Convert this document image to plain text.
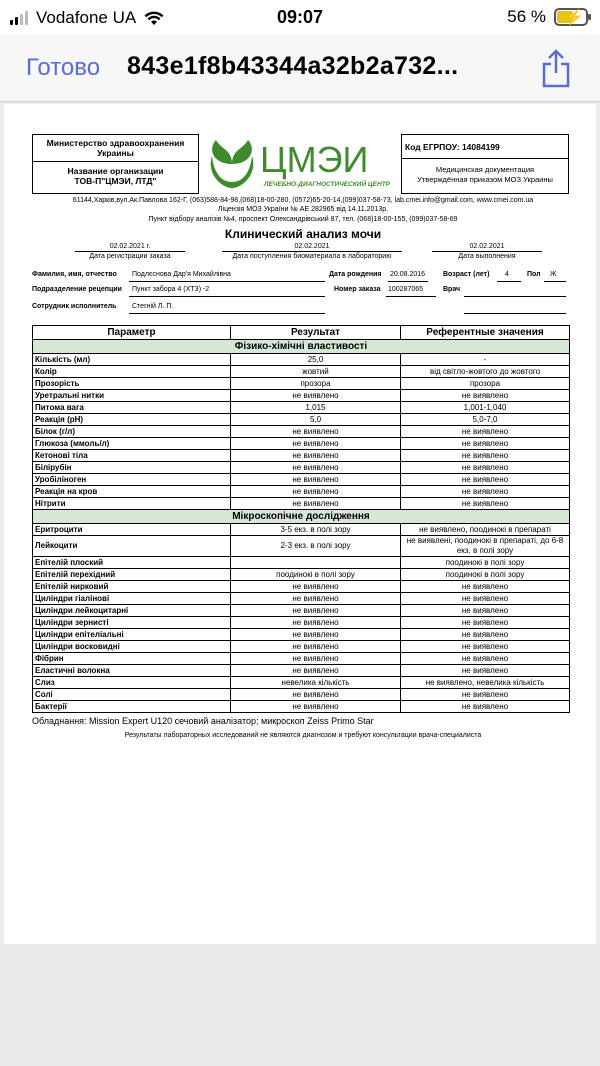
Vodafone UA	09:07	56 % ⚡
Готово 843e1f8b43344a32b2a732...
Министерство здравоохранения Украины
Название организации
ТОВ-П"ЦМЭИ, ЛТД"
ЦМЭИ
ЛЕЧЕБНО-ДИАГНОСТИЧЕСКИЙ ЦЕНТР
Код ЕГРПОУ: 14084199
Медицинская документация
Утверждённая приказом МОЗ Украины
61144,Харків,вул.Ак.Павлова 162-Г, (063)588-84-98,(068)18-00-280, (0572)65-20-14,(099)037-58-73, lab.cmei.info@gmail.com, www.cmei.com.ua
Ліцензія МОЗ України № АЕ 282965 від 14.11.2013р.
Пункт відбору аналізів №4, проспект Олександрівський 87, тел. (068)18-00-155, (099)037-58-69
Клинический анализ мочи
02.02.2021 г.
Дата регистрации заказа
02.02.2021
Дата поступления биоматериала в лабораторию
02.02.2021
Дата выполнения
Фамилия, имя, отчество Подлєснова Дар'я Михайлівна	Дата рождения 20.08.2016	Возраст (лет) 4	Пол Ж
Подразделение рецепции Пункт забора 4 (ХТЗ) -2	Номер заказа 100287065	Врач
Сотрудник исполнитель Стегній Л. П.
Параметр	Результат	Референтные значения
Фізико-хімічні властивості		
Кількість (мл)	25,0	-
Колір	жовтий	від світло-жовтого до жовтого
Прозорість	прозора	прозора
Уретральні нитки	не виявлено	не виявлено
Питома вага	1,015	1,001-1,040
Реакція (pH)	5,0	5,0-7,0
Білок (г/л)	не виявлено	не виявлено
Глюкоза (ммоль/л)	не виявлено	не виявлено
Кетонові тіла	не виявлено	не виявлено
Білірубін	не виявлено	не виявлено
Уробіліноген	не виявлено	не виявлено
Реакція на кров	не виявлено	не виявлено
Нітрити	не виявлено	не виявлено
Мікроскопічне дослідження		
Еритроцити	3-5 екз. в полі зору	не виявлено, поодинокі в препараті
Лейкоцити	2-3 екз. в полі зору	не виявлені, поодинокі в препараті, до 6-8 екз. в полі зору
Епітелій плоский		поодинокі в полі зору
Епітелій перехідний	поодинокі в полі зору	поодинокі в полі зору
Епітелій нирковий	не виявлено	не виявлено
Циліндри гіалінові	не виявлено	не виявлено
Циліндри лейкоцитарні	не виявлено	не виявлено
Циліндри зернисті	не виявлено	не виявлено
Циліндри епітеліальні	не виявлено	не виявлено
Циліндри восковидні	не виявлено	не виявлено
Фібрин	не виявлено	не виявлено
Еластичні волокна	не виявлено	не виявлено
Слиз	невелика кількість	не виявлено, невелика кількість
Солі	не виявлено	не виявлено
Бактерії	не виявлено	не виявлено
Обладнання: Mission Expert U120 сечовий аналізатор; микроскоп Zeiss Primo Star
Результаты лабораторных исследований не являются диагнозом и требуют консультации врача-специалиста
